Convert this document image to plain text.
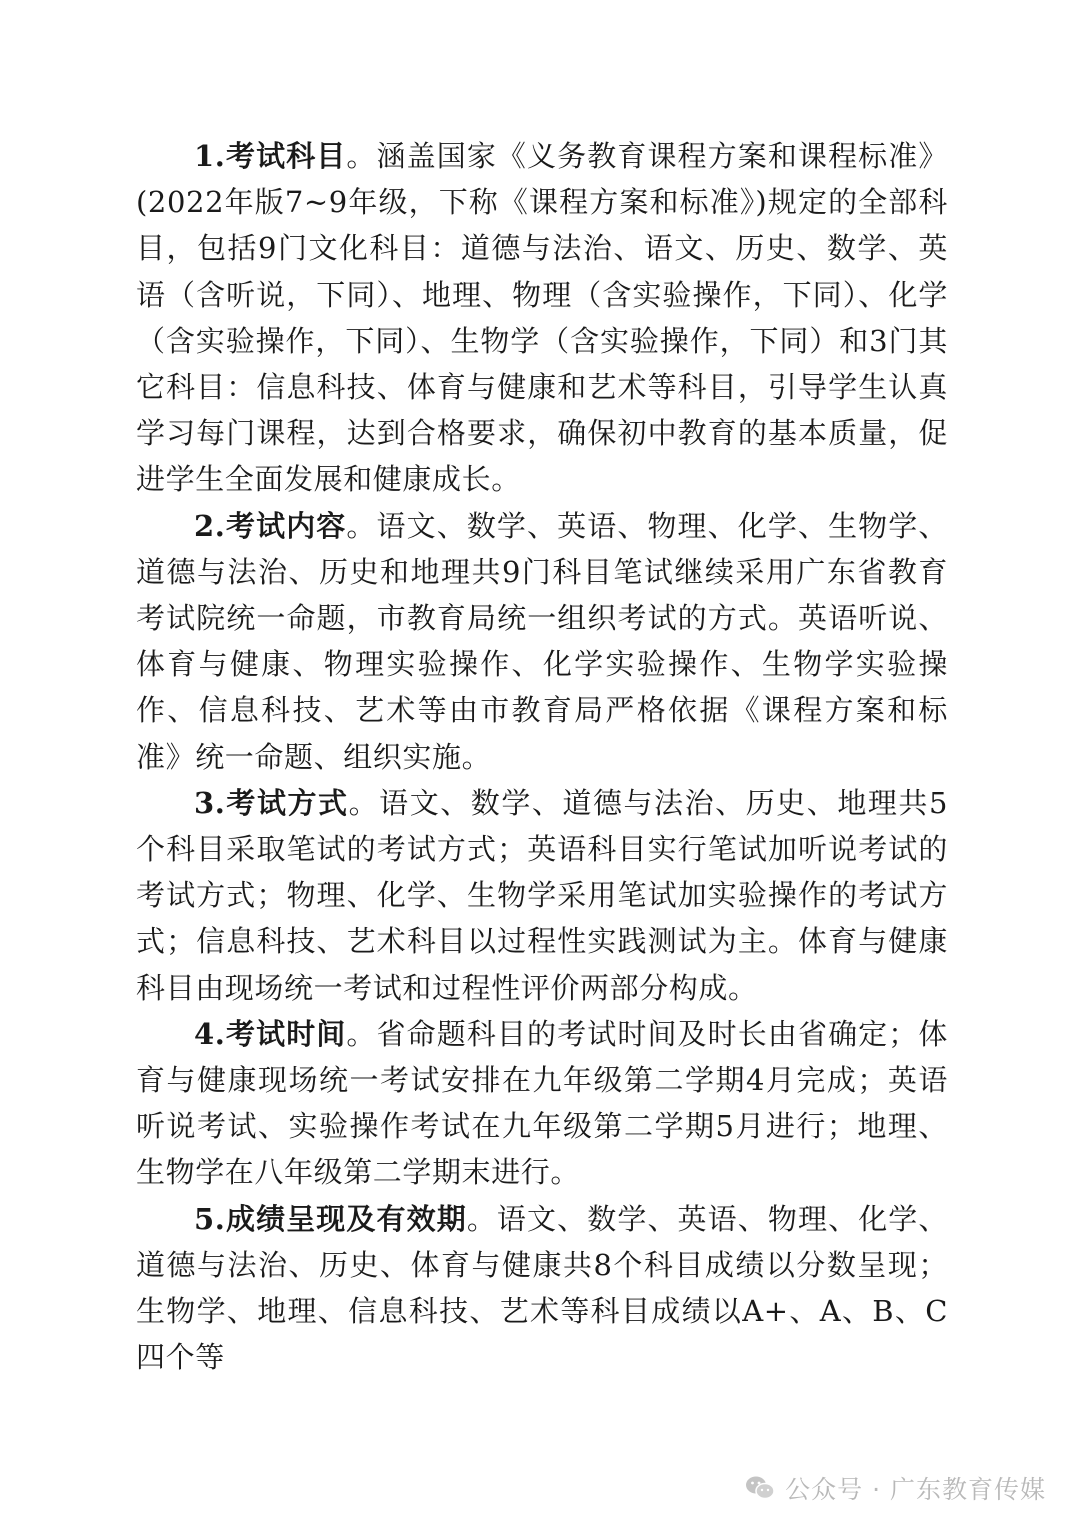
1.考试科目。涵盖国家《义务教育课程方案和课程标准》(2022年版7~9年级，下称《课程方案和标准》)规定的全部科目，包括9门文化科目：道德与法治、语文、历史、数学、英语（含听说，下同）、地理、物理（含实验操作，下同）、化学（含实验操作，下同）、生物学（含实验操作，下同）和3门其它科目：信息科技、体育与健康和艺术等科目，引导学生认真学习每门课程，达到合格要求，确保初中教育的基本质量，促进学生全面发展和健康成长。

2.考试内容。语文、数学、英语、物理、化学、生物学、道德与法治、历史和地理共9门科目笔试继续采用广东省教育考试院统一命题，市教育局统一组织考试的方式。英语听说、体育与健康、物理实验操作、化学实验操作、生物学实验操作、信息科技、艺术等由市教育局严格依据《课程方案和标准》统一命题、组织实施。

3.考试方式。语文、数学、道德与法治、历史、地理共5个科目采取笔试的考试方式；英语科目实行笔试加听说考试的考试方式；物理、化学、生物学采用笔试加实验操作的考试方式；信息科技、艺术科目以过程性实践测试为主。体育与健康科目由现场统一考试和过程性评价两部分构成。

4.考试时间。省命题科目的考试时间及时长由省确定；体育与健康现场统一考试安排在九年级第二学期4月完成；英语听说考试、实验操作考试在九年级第二学期5月进行；地理、生物学在八年级第二学期末进行。

5.成绩呈现及有效期。语文、数学、英语、物理、化学、道德与法治、历史、体育与健康共8个科目成绩以分数呈现；生物学、地理、信息科技、艺术等科目成绩以A+、A、B、C四个等

公众号 · 广东教育传媒
